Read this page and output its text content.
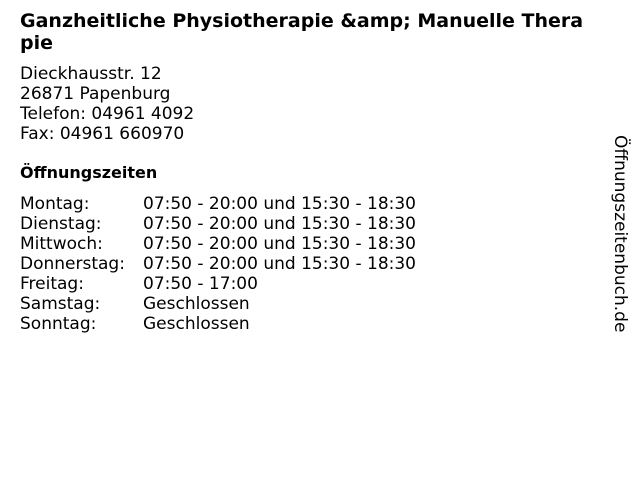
Ganzheitliche Physiotherapie &amp; Manuelle Therapie
Dieckhausstr. 12
26871 Papenburg
Telefon: 04961 4092
Fax: 04961 660970
Öffnungszeiten
Montag:	07:50 - 20:00 und 15:30 - 18:30
Dienstag:	07:50 - 20:00 und 15:30 - 18:30
Mittwoch:	07:50 - 20:00 und 15:30 - 18:30
Donnerstag:	07:50 - 20:00 und 15:30 - 18:30
Freitag:	07:50 - 17:00
Samstag:	Geschlossen
Sonntag:	Geschlossen	Öffnungszeitenbuch.de
